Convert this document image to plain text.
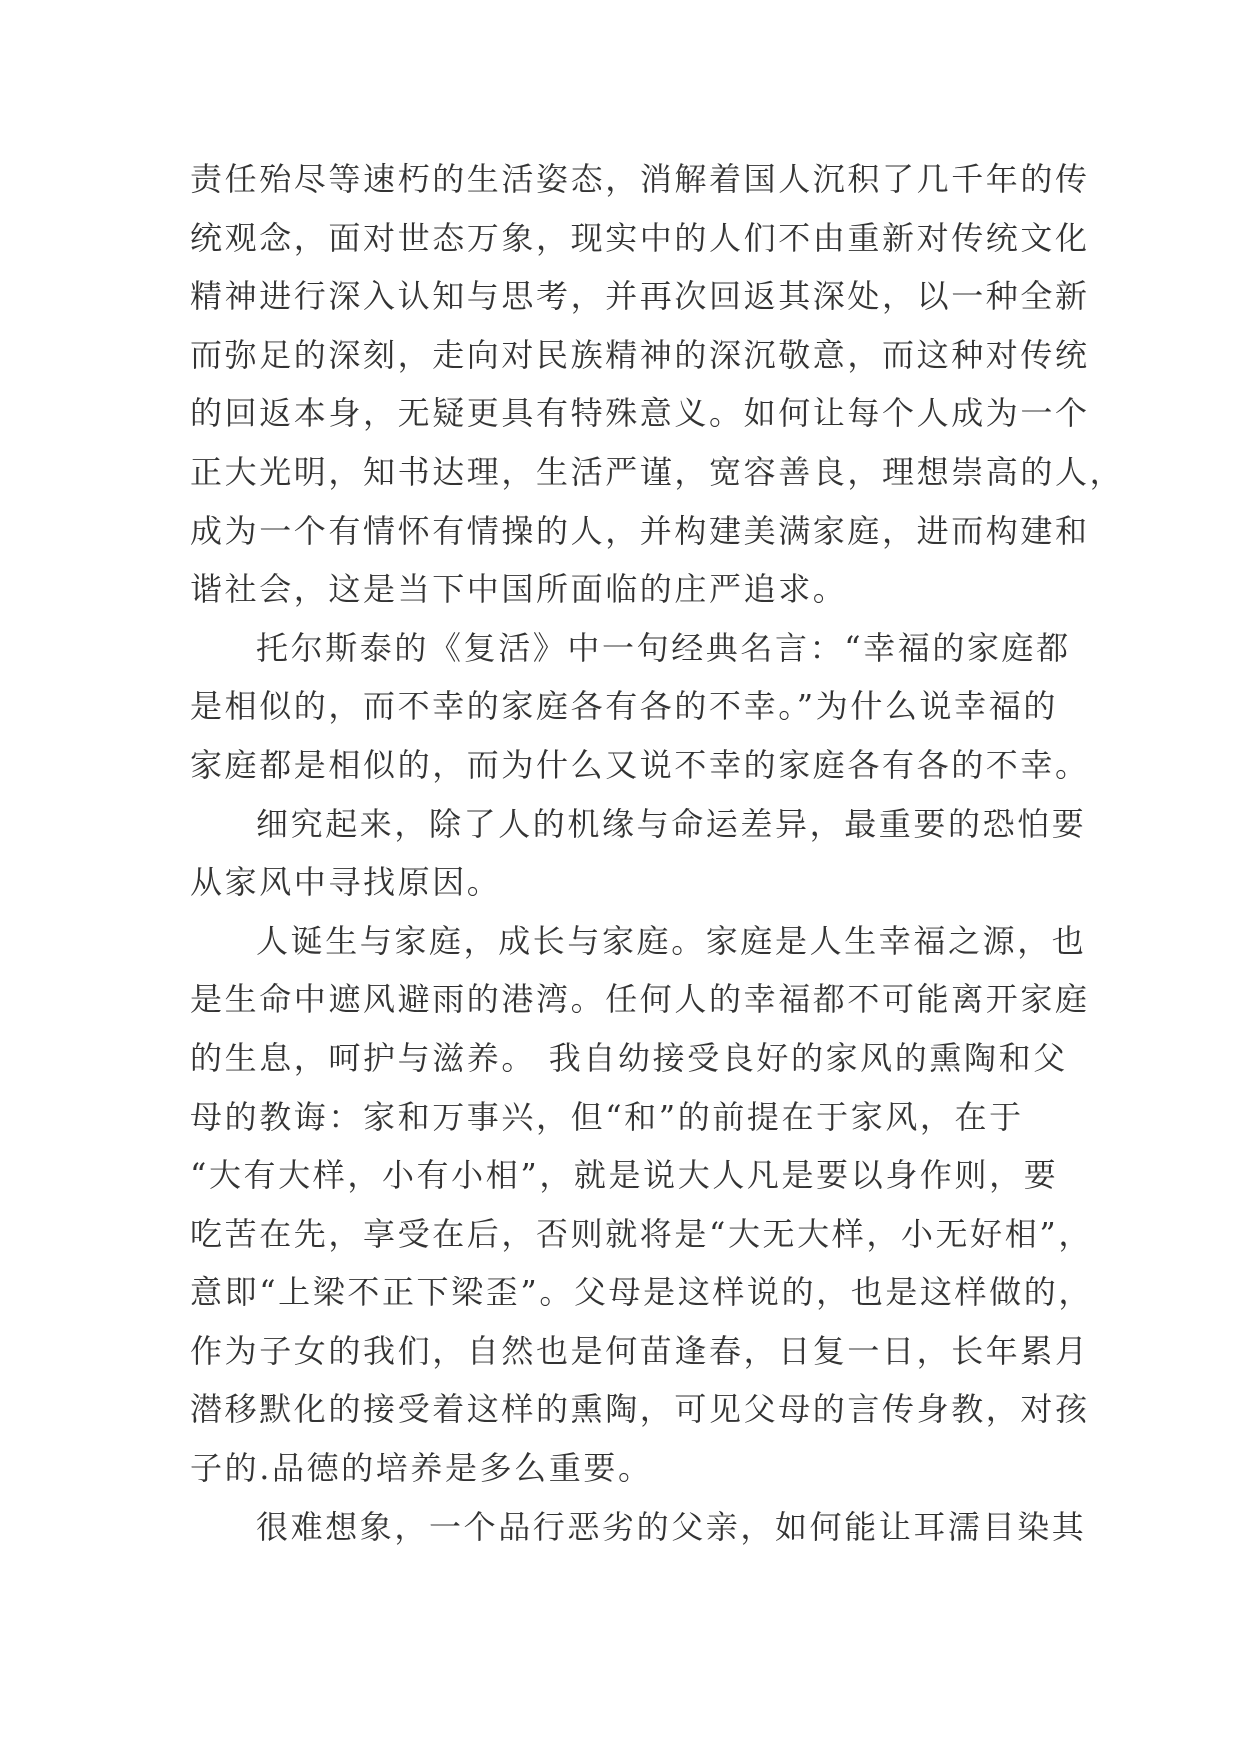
责任殆尽等速朽的生活姿态，消解着国人沉积了几千年的传
统观念，面对世态万象，现实中的人们不由重新对传统文化
精神进行深入认知与思考，并再次回返其深处，以一种全新
而弥足的深刻，走向对民族精神的深沉敬意，而这种对传统
的回返本身，无疑更具有特殊意义。如何让每个人成为一个
正大光明，知书达理，生活严谨，宽容善良，理想崇高的人，
成为一个有情怀有情操的人，并构建美满家庭，进而构建和
谐社会，这是当下中国所面临的庄严追求。
托尔斯泰的《复活》中一句经典名言：“幸福的家庭都
是相似的，而不幸的家庭各有各的不幸。”为什么说幸福的
家庭都是相似的，而为什么又说不幸的家庭各有各的不幸。
细究起来，除了人的机缘与命运差异，最重要的恐怕要
从家风中寻找原因。
人诞生与家庭，成长与家庭。家庭是人生幸福之源，也
是生命中遮风避雨的港湾。任何人的幸福都不可能离开家庭
的生息，呵护与滋养。 我自幼接受良好的家风的熏陶和父
母的教诲：家和万事兴，但“和”的前提在于家风，在于
“大有大样，小有小相”，就是说大人凡是要以身作则，要
吃苦在先，享受在后，否则就将是“大无大样，小无好相”，
意即“上梁不正下梁歪”。父母是这样说的，也是这样做的，
作为子女的我们，自然也是何苗逢春，日复一日，长年累月
潜移默化的接受着这样的熏陶，可见父母的言传身教，对孩
子的.品德的培养是多么重要。
很难想象，一个品行恶劣的父亲，如何能让耳濡目染其
